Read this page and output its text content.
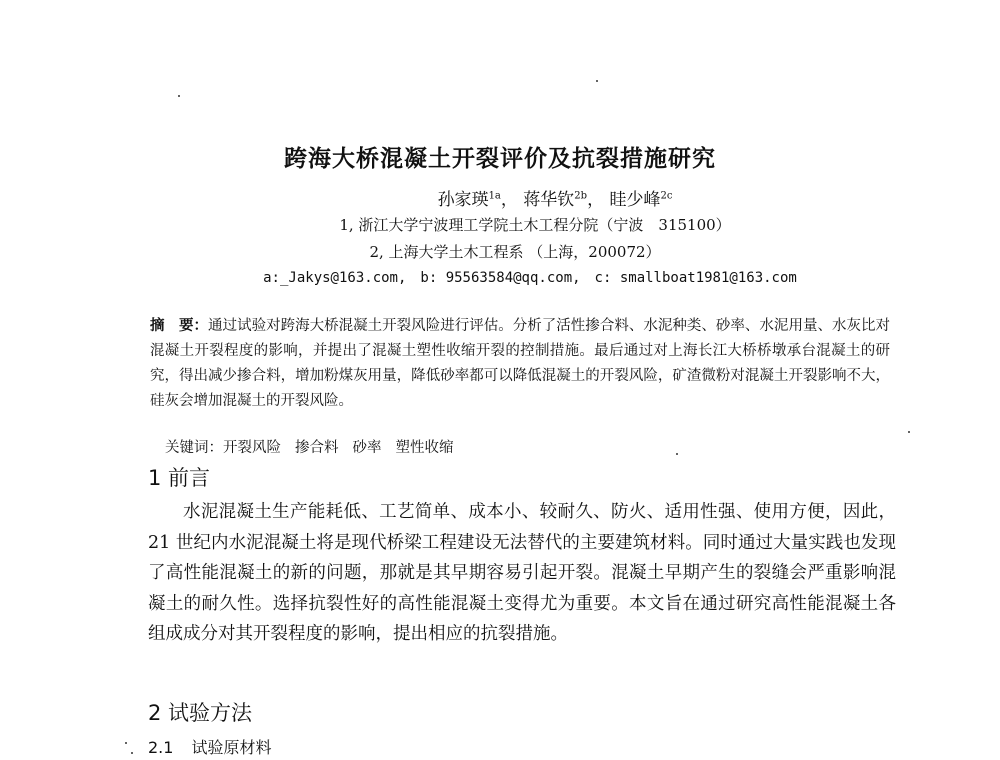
跨海大桥混凝土开裂评价及抗裂措施研究
孙家瑛$^{1a}$， 蒋华钦$^{2b}$， 眭少峰$^{2c}$
1, 浙江大学宁波理工学院土木工程分院（宁波　315100）
2, 上海大学土木工程系 （上海，200072）
a:_Jakys@163.com,　b: 95563584@qq.com,　c: smallboat1981@163.com
摘　要：通过试验对跨海大桥混凝土开裂风险进行评估。分析了活性掺合料、水泥种类、砂率、水泥用量、水灰比对混凝土开裂程度的影响，并提出了混凝土塑性收缩开裂的控制措施。最后通过对上海长江大桥桥墩承台混凝土的研究，得出减少掺合料，增加粉煤灰用量，降低砂率都可以降低混凝土的开裂风险，矿渣微粉对混凝土开裂影响不大，硅灰会增加混凝土的开裂风险。
关键词：开裂风险 掺合料 砂率 塑性收缩
1 前言
水泥混凝土生产能耗低、工艺简单、成本小、较耐久、防火、适用性强、使用方便，因此，21 世纪内水泥混凝土将是现代桥梁工程建设无法替代的主要建筑材料。同时通过大量实践也发现了高性能混凝土的新的问题，那就是其早期容易引起开裂。混凝土早期产生的裂缝会严重影响混凝土的耐久性。选择抗裂性好的高性能混凝土变得尤为重要。本文旨在通过研究高性能混凝土各组成成分对其开裂程度的影响，提出相应的抗裂措施。
2 试验方法
2.1 试验原材料
